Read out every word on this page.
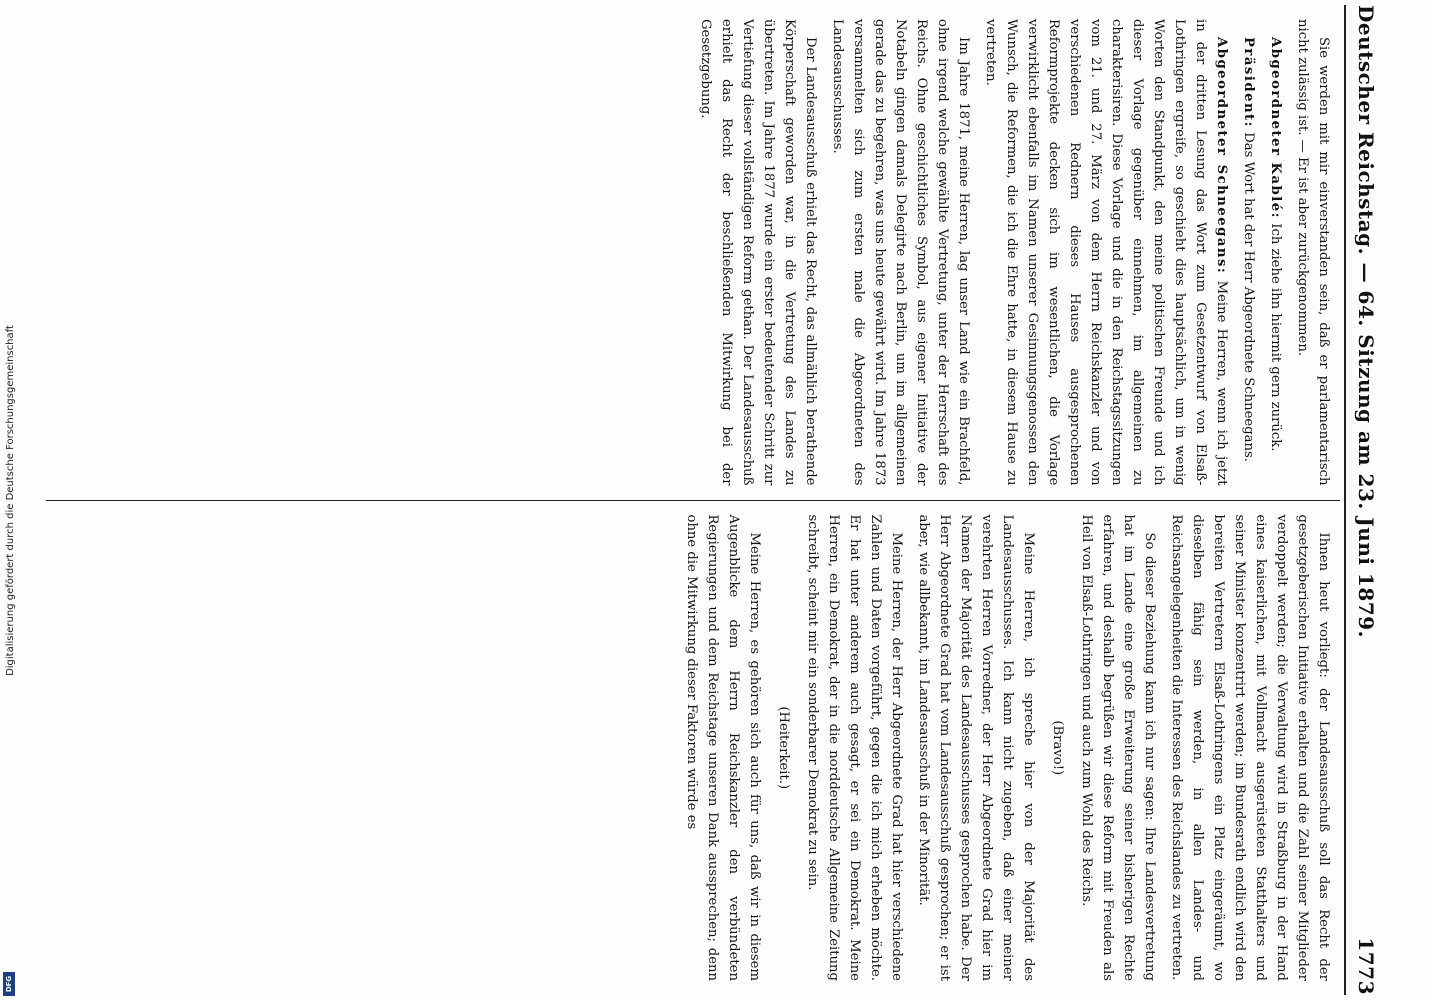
Deutscher Reichstag. — 64. Sitzung am 23. Juni 1879.
1773

Sie werden mit mir einverstanden sein, daß er parlamentarisch nicht zulässig ist. — Er ist aber zurückgenommen.

Abgeordneter Kablé: Ich ziehe ihn hiermit gern zurück.

Präsident: Das Wort hat der Herr Abgeordnete Schneegans.

Abgeordneter Schneegans: Meine Herren, wenn ich jetzt in der dritten Lesung das Wort zum Gesetzentwurf von Elsaß-Lothringen ergreife, so geschieht dies hauptsächlich, um in wenig Worten den Standpunkt, den meine politischen Freunde und ich dieser Vorlage gegenüber einnehmen, im allgemeinen zu charakterisiren. Diese Vorlage und die in den Reichstagssitzungen vom 21. und 27. März von dem Herrn Reichskanzler und von verschiedenen Rednern dieses Hauses ausgesprochenen Reformprojekte decken sich im wesentlichen, die Vorlage verwirklicht ebenfalls im Namen unserer Gesinnungsgenossen den Wunsch, die Reformen, die ich die Ehre hatte, in diesem Hause zu vertreten.

Im Jahre 1871, meine Herren, lag unser Land wie ein Brachfeld, ohne irgend welche gewählte Vertretung, unter der Herrschaft des Reichs. Ohne geschichtliches Symbol, aus eigener Initiative der Notabeln gingen damals Delegirte nach Berlin, um im allgemeinen gerade das zu begehren, was uns heute gewährt wird. Im Jahre 1873 versammelten sich zum ersten male die Abgeordneten des Landesausschusses.

Der Landesausschuß erhielt das Recht, das allmählich berathende Körperschaft geworden war, in die Vertretung des Landes zu übertreten. Im Jahre 1877 wurde ein erster bedeutender Schritt zur Vertiefung dieser vollständigen Reform gethan. Der Landesausschuß erhielt das Recht der beschließenden Mitwirkung bei der Gesetzgebung.

Ihnen heut vorliegt: der Landesausschuß soll das Recht der gesetzgeberischen Initiative erhalten und die Zahl seiner Mitglieder verdoppelt werden; die Verwaltung wird in Straßburg in der Hand eines kaiserlichen, mit Vollmacht ausgerüsteten Statthalters und seiner Minister konzentrirt werden; im Bundesrath endlich wird den bereiten Vertretern Elsaß-Lothringens ein Platz eingeräumt, wo dieselben fähig sein werden, in allen Landes- und Reichsangelegenheiten die Interessen des Reichslandes zu vertreten.

So dieser Beziehung kann ich nur sagen: Ihre Landesvertretung hat im Lande eine große Erweiterung seiner bisherigen Rechte erfahren, und deshalb begrüßen wir diese Reform mit Freuden als Heil von Elsaß-Lothringen und auch zum Wohl des Reichs.

(Bravo!)

Meine Herren, ich spreche hier von der Majorität des Landesausschusses. Ich kann nicht zugeben, daß einer meiner verehrten Herren Vorredner, der Herr Abgeordnete Grad hier im Namen der Majorität des Landesausschusses gesprochen habe. Der Herr Abgeordnete Grad hat vom Landesausschuß gesprochen; er ist aber, wie allbekannt, im Landesausschuß in der Minorität.

Meine Herren, der Herr Abgeordnete Grad hat hier verschiedene Zahlen und Daten vorgeführt, gegen die ich mich erheben möchte. Er hat unter anderem auch gesagt, er sei ein Demokrat. Meine Herren, ein Demokrat, der in die norddeutsche Allgemeine Zeitung schreibt, scheint mir ein sonderbarer Demokrat zu sein.

(Heiterkeit.)

Meine Herren, es gehören sich auch für uns, daß wir in diesem Augenblicke dem Herrn Reichskanzler den verbündeten Regierungen und dem Reichstage unseren Dank aussprechen; denn ohne die Mitwirkung dieser Faktoren würde es

Digitalisierung gefördert durch die Deutsche Forschungsgemeinschaft
DFG
